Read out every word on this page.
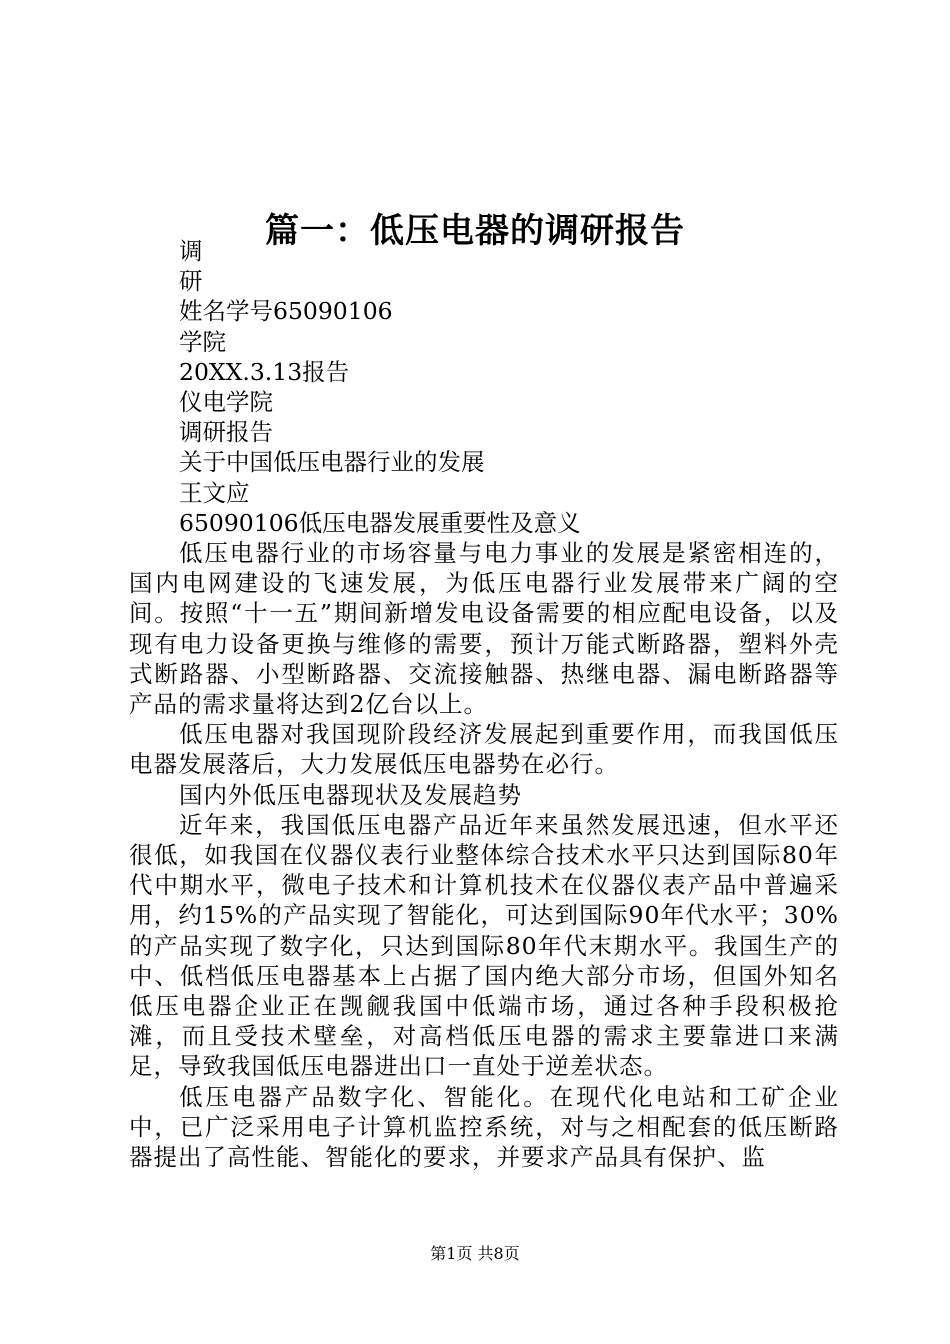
篇一：低压电器的调研报告

调

研

姓名学号65090106

学院

20XX.3.13报告

仪电学院

调研报告

关于中国低压电器行业的发展

王文应

65090106低压电器发展重要性及意义

低压电器行业的市场容量与电力事业的发展是紧密相连的，国内电网建设的飞速发展，为低压电器行业发展带来广阔的空间。按照“十一五”期间新增发电设备需要的相应配电设备，以及现有电力设备更换与维修的需要，预计万能式断路器，塑料外壳式断路器、小型断路器、交流接触器、热继电器、漏电断路器等产品的需求量将达到2亿台以上。

低压电器对我国现阶段经济发展起到重要作用，而我国低压电器发展落后，大力发展低压电器势在必行。

国内外低压电器现状及发展趋势

近年来，我国低压电器产品近年来虽然发展迅速，但水平还很低，如我国在仪器仪表行业整体综合技术水平只达到国际80年代中期水平，微电子技术和计算机技术在仪器仪表产品中普遍采用，约15%的产品实现了智能化，可达到国际90年代水平；30%的产品实现了数字化，只达到国际80年代末期水平。我国生产的中、低档低压电器基本上占据了国内绝大部分市场，但国外知名低压电器企业正在觊觎我国中低端市场，通过各种手段积极抢滩，而且受技术壁垒，对高档低压电器的需求主要靠进口来满足，导致我国低压电器进出口一直处于逆差状态。

低压电器产品数字化、智能化。在现代化电站和工矿企业中，已广泛采用电子计算机监控系统，对与之相配套的低压断路器提出了高性能、智能化的要求，并要求产品具有保护、监

第1页 共8页
